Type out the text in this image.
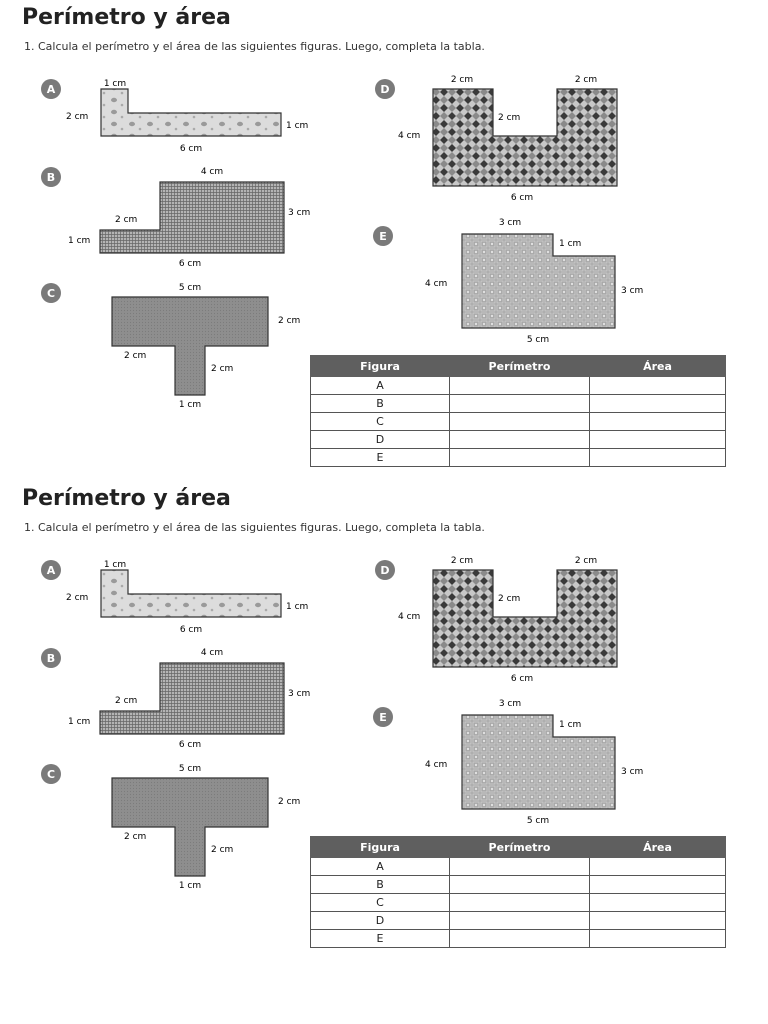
Perímetro y área

1. Calcula el perímetro y el área de las siguientes figuras. Luego, completa la tabla.

A	1 cm
2 cm
1 cm
6 cm
B	4 cm
3 cm
2 cm
1 cm
6 cm
C	5 cm
2 cm
2 cm
2 cm
1 cm
D
2 cm	2 cm
2 cm
4 cm
6 cm
E
3 cm
1 cm
4 cm
3 cm
5 cm
Figura	Perímetro	Área
A		
B		
C		
D		
E		
Perímetro y área

1. Calcula el perímetro y el área de las siguientes figuras. Luego, completa la tabla.

A	1 cm
2 cm
1 cm
6 cm
B	4 cm
3 cm
2 cm
1 cm
6 cm
C	5 cm
2 cm
2 cm
2 cm
1 cm
D
2 cm	2 cm
2 cm
4 cm
6 cm
E
3 cm
1 cm
4 cm
3 cm
5 cm
Figura	Perímetro	Área
A		
B		
C		
D		
E		
